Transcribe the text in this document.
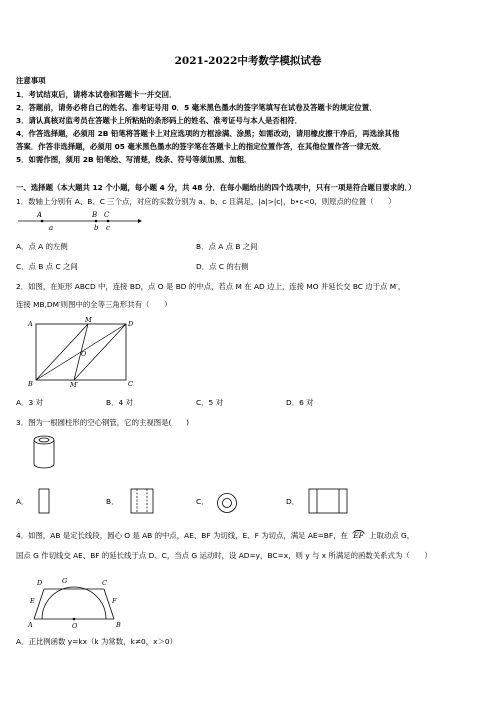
2021-2022中考数学模拟试卷
注意事项
1．考试结束后，请将本试卷和答题卡一并交回．
2．答题前，请务必将自己的姓名、准考证号用 0．5 毫米黑色墨水的签字笔填写在试卷及答题卡的规定位置．
3．请认真核对监考员在答题卡上所粘贴的条形码上的姓名、准考证号与本人是否相符．
4．作答选择题，必须用 2B 铅笔将答题卡上对应选项的方框涂满、涂黑；如需改动，请用橡皮擦干净后，再选涂其他
答案．作答非选择题，必须用 05 毫米黑色墨水的签字笔在答题卡上的指定位置作答，在其他位置作答一律无效．
5．如需作图，须用 2B 铅笔绘、写清楚，线条、符号等须加黑、加粗．
一、选择题（本大题共 12 个小题，每小题 4 分，共 48 分．在每小题给出的四个选项中，只有一项是符合题目要求的．）
1．数轴上分别有 A、B、C 三个点，对应的实数分别为 a、b、c 且满足，|a|>|c|，b•c<0，则原点的位置（　　）
A
a
B
b
C
c
A．点 A 的左侧	B．点 A 点 B 之间
C．点 B 点 C 之间	D．点 C 的右侧
2．如图，在矩形 ABCD 中，连接 BD，点 O 是 BD 的中点，若点 M 在 AD 边上，连接 MO 并延长交 BC 边于点 M′，
连接 MB,DM′则图中的全等三角形共有（　　）
A	M	D
O
B	M′	C
A．3 对	B．4 对	C．5 对	D．6 对
3．图为一根圆柱形的空心钢管，它的主视图是(　　)
A．	B．	C．	D．
4．如图，AB 是定长线段，圆心 O 是 AB 的中点，AE、BF 为切线，E、F 为切点，满足 AE=BF，在 EF 上取动点 G，
国点 G 作切线交 AE、BF 的延长线于点 D、C，当点 G 运动时，设 AD=y，BC=x，则 y 与 x 所满足的函数关系式为（　　）
D	G	C
E	F
A	O	B
A．正比例函数 y=kx（k 为常数，k≠0，x＞0）
